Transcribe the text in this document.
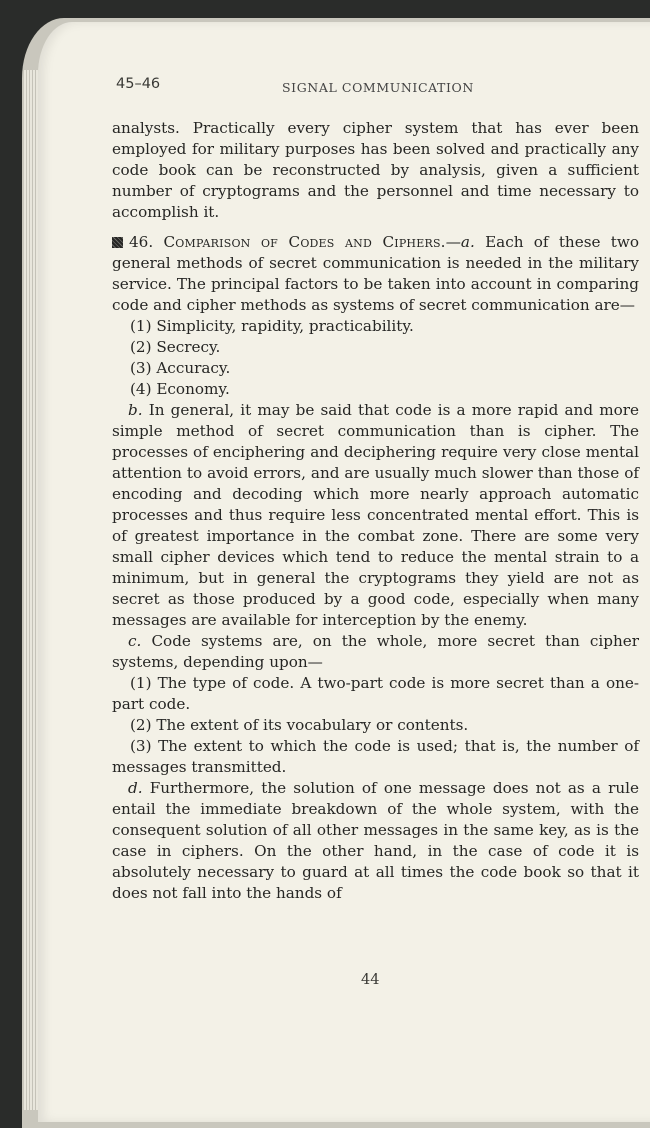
45–46	SIGNAL COMMUNICATION

analysts. Practically every cipher system that has ever been employed for military purposes has been solved and practically any code book can be reconstructed by analysis, given a sufficient number of cryptograms and the personnel and time necessary to accomplish it.

46. Comparison of Codes and Ciphers.—a. Each of these two general methods of secret communication is needed in the military service. The principal factors to be taken into account in comparing code and cipher methods as systems of secret communication are—

(1) Simplicity, rapidity, practicability.

(2) Secrecy.

(3) Accuracy.

(4) Economy.

b. In general, it may be said that code is a more rapid and more simple method of secret communication than is cipher. The processes of enciphering and deciphering require very close mental attention to avoid errors, and are usually much slower than those of encoding and decoding which more nearly approach automatic processes and thus require less concentrated mental effort. This is of greatest importance in the combat zone. There are some very small cipher devices which tend to reduce the mental strain to a minimum, but in general the cryptograms they yield are not as secret as those produced by a good code, especially when many messages are available for interception by the enemy.

c. Code systems are, on the whole, more secret than cipher systems, depending upon—

(1) The type of code. A two-part code is more secret than a one-part code.

(2) The extent of its vocabulary or contents.

(3) The extent to which the code is used; that is, the number of messages transmitted.

d. Furthermore, the solution of one message does not as a rule entail the immediate breakdown of the whole system, with the consequent solution of all other messages in the same key, as is the case in ciphers. On the other hand, in the case of code it is absolutely necessary to guard at all times the code book so that it does not fall into the hands of

44
